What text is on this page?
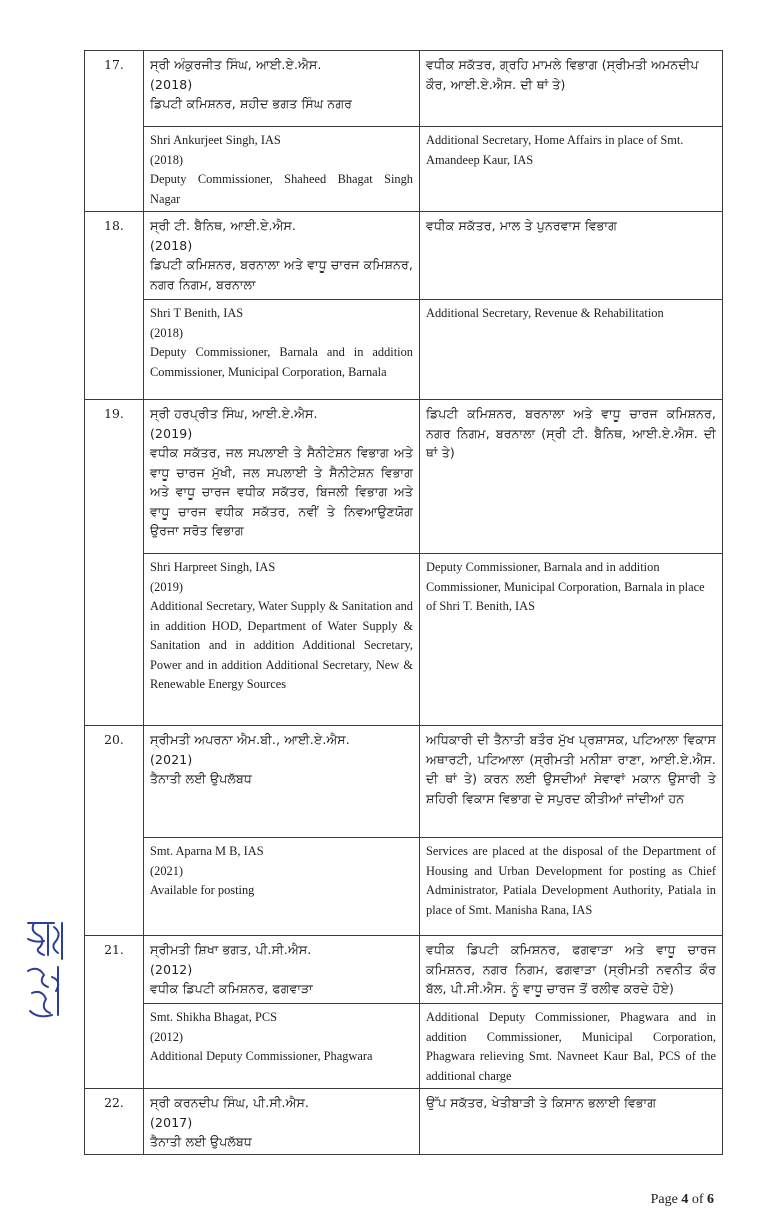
17.	ਸ੍ਰੀ ਅੰਕੁਰਜੀਤ ਸਿੰਘ, ਆਈ.ਏ.ਐਸ.
(2018)
ਡਿਪਟੀ ਕਮਿਸ਼ਨਰ, ਸ਼ਹੀਦ ਭਗਤ ਸਿੰਘ ਨਗਰ	ਵਧੀਕ ਸਕੱਤਰ, ਗ੍ਰਹਿ ਮਾਮਲੇ ਵਿਭਾਗ (ਸ੍ਰੀਮਤੀ ਅਮਨਦੀਪ ਕੌਰ, ਆਈ.ਏ.ਐਸ. ਦੀ ਥਾਂ ਤੇ)

	Shri Ankurjeet Singh, IAS
(2018)
Deputy Commissioner, Shaheed Bhagat Singh Nagar	Additional Secretary, Home Affairs in place of Smt. Amandeep Kaur, IAS
18.	ਸ੍ਰੀ ਟੀ. ਬੈਨਿਥ, ਆਈ.ਏ.ਐਸ.
(2018)
ਡਿਪਟੀ ਕਮਿਸ਼ਨਰ, ਬਰਨਾਲਾ ਅਤੇ ਵਾਧੂ ਚਾਰਜ ਕਮਿਸ਼ਨਰ, ਨਗਰ ਨਿਗਮ, ਬਰਨਾਲਾ	ਵਧੀਕ ਸਕੱਤਰ, ਮਾਲ ਤੇ ਪੁਨਰਵਾਸ ਵਿਭਾਗ

	Shri T Benith, IAS
(2018)
Deputy Commissioner, Barnala and in addition Commissioner, Municipal Corporation, Barnala	Additional Secretary, Revenue & Rehabilitation
19.	ਸ੍ਰੀ ਹਰਪ੍ਰੀਤ ਸਿੰਘ, ਆਈ.ਏ.ਐਸ.
(2019)
ਵਧੀਕ ਸਕੱਤਰ, ਜਲ ਸਪਲਾਈ ਤੇ ਸੈਨੀਟੇਸ਼ਨ ਵਿਭਾਗ ਅਤੇ ਵਾਧੂ ਚਾਰਜ ਮੁੱਖੀ, ਜਲ ਸਪਲਾਈ ਤੇ ਸੈਨੀਟੇਸ਼ਨ ਵਿਭਾਗ ਅਤੇ ਵਾਧੂ ਚਾਰਜ ਵਧੀਕ ਸਕੱਤਰ, ਬਿਜਲੀ ਵਿਭਾਗ ਅਤੇ ਵਾਧੂ ਚਾਰਜ ਵਧੀਕ ਸਕੱਤਰ, ਨਵੀਂ ਤੇ ਨਿਵਆਉਣਯੋਗ ਉਰਜਾ ਸਰੋਤ ਵਿਭਾਗ	ਡਿਪਟੀ ਕਮਿਸ਼ਨਰ, ਬਰਨਾਲਾ ਅਤੇ ਵਾਧੂ ਚਾਰਜ ਕਮਿਸ਼ਨਰ, ਨਗਰ ਨਿਗਮ, ਬਰਨਾਲਾ (ਸ੍ਰੀ ਟੀ. ਬੈਨਿਥ, ਆਈ.ਏ.ਐਸ. ਦੀ ਥਾਂ ਤੇ)

	Shri Harpreet Singh, IAS
(2019)
Additional Secretary, Water Supply & Sanitation and in addition HOD, Department of Water Supply & Sanitation and in addition Additional Secretary, Power and in addition Additional Secretary, New & Renewable Energy Sources	Deputy Commissioner, Barnala and in addition Commissioner, Municipal Corporation, Barnala in place of Shri T. Benith, IAS
20.	ਸ੍ਰੀਮਤੀ ਅਪਰਨਾ ਐਮ.ਬੀ., ਆਈ.ਏ.ਐਸ.
(2021)
ਤੈਨਾਤੀ ਲਈ ਉਪਲੱਬਧ	ਅਧਿਕਾਰੀ ਦੀ ਤੈਨਾਤੀ ਬਤੌਰ ਮੁੱਖ ਪ੍ਰਸ਼ਾਸਕ, ਪਟਿਆਲਾ ਵਿਕਾਸ ਅਥਾਰਟੀ, ਪਟਿਆਲਾ (ਸ੍ਰੀਮਤੀ ਮਨੀਸ਼ਾ ਰਾਣਾ, ਆਈ.ਏ.ਐਸ. ਦੀ ਥਾਂ ਤੇ) ਕਰਨ ਲਈ ਉਸਦੀਆਂ ਸੇਵਾਵਾਂ ਮਕਾਨ ਉਸਾਰੀ ਤੇ ਸ਼ਹਿਰੀ ਵਿਕਾਸ ਵਿਭਾਗ ਦੇ ਸਪੁਰਦ ਕੀਤੀਆਂ ਜਾਂਦੀਆਂ ਹਨ

	Smt. Aparna M B, IAS
(2021)
Available for posting	Services are placed at the disposal of the Department of Housing and Urban Development for posting as Chief Administrator, Patiala Development Authority, Patiala in place of Smt. Manisha Rana, IAS
21.	ਸ੍ਰੀਮਤੀ ਸ਼ਿਖਾ ਭਗਤ, ਪੀ.ਸੀ.ਐਸ.
(2012)
ਵਧੀਕ ਡਿਪਟੀ ਕਮਿਸ਼ਨਰ, ਫਗਵਾੜਾ	ਵਧੀਕ ਡਿਪਟੀ ਕਮਿਸ਼ਨਰ, ਫਗਵਾੜਾ ਅਤੇ ਵਾਧੂ ਚਾਰਜ ਕਮਿਸ਼ਨਰ, ਨਗਰ ਨਿਗਮ, ਫਗਵਾੜਾ (ਸ੍ਰੀਮਤੀ ਨਵਨੀਤ ਕੌਰ ਬੱਲ, ਪੀ.ਸੀ.ਐਸ. ਨੂੰ ਵਾਧੂ ਚਾਰਜ ਤੋਂ ਰਲੀਵ ਕਰਦੇ ਹੋਏ)

	Smt. Shikha Bhagat, PCS
(2012)
Additional Deputy Commissioner, Phagwara	Additional Deputy Commissioner, Phagwara and in addition Commissioner, Municipal Corporation, Phagwara relieving Smt. Navneet Kaur Bal, PCS of the additional charge
22.	ਸ੍ਰੀ ਕਰਨਦੀਪ ਸਿੰਘ, ਪੀ.ਸੀ.ਐਸ.
(2017)
ਤੈਨਾਤੀ ਲਈ ਉਪਲੱਬਧ	ਉੱਪ ਸਕੱਤਰ, ਖੇਤੀਬਾੜੀ ਤੇ ਕਿਸਾਨ ਭਲਾਈ ਵਿਭਾਗ
Page 4 of 6
